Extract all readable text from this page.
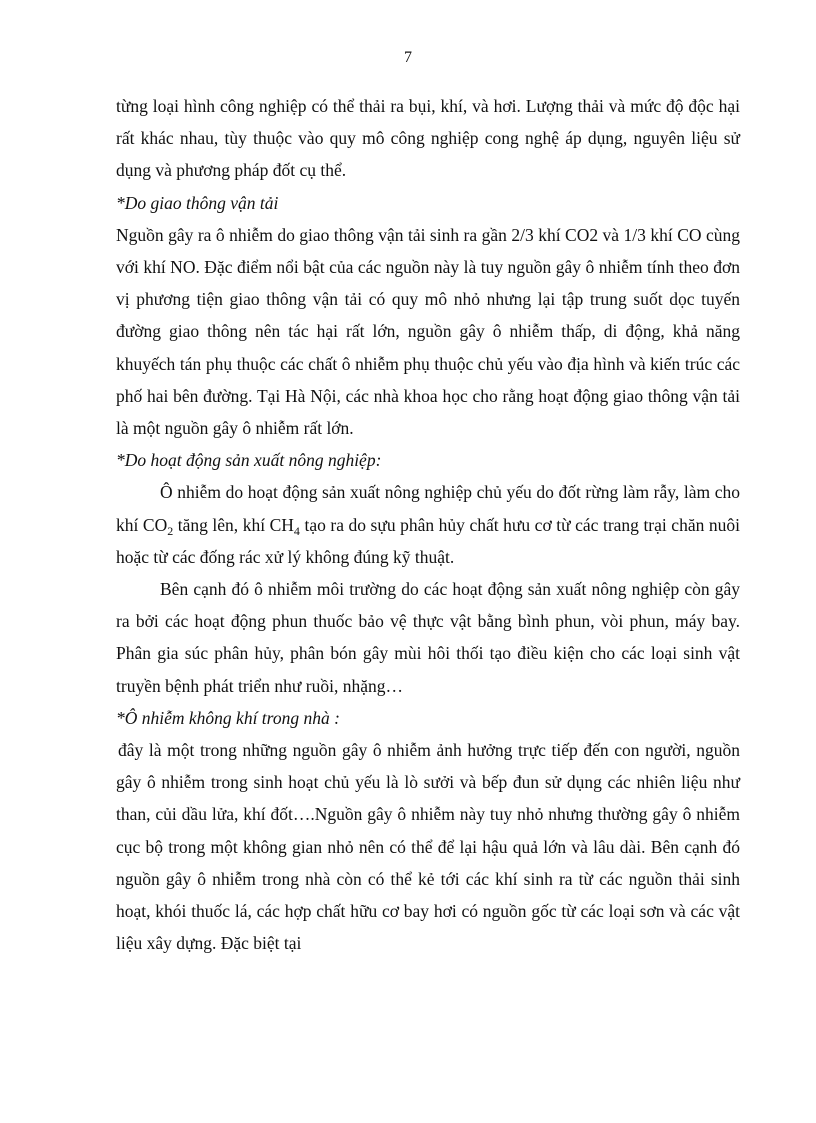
7

từng loại hình công nghiệp có thể thải ra bụi, khí, và hơi. Lượng thải và mức độ độc hại rất khác nhau, tùy thuộc vào quy mô công nghiệp cong nghệ áp dụng, nguyên liệu sử dụng và phương pháp đốt cụ thể.

*Do giao thông vận tải

Nguồn gây ra ô nhiễm do giao thông vận tải sinh ra gần 2/3 khí CO2 và 1/3 khí CO cùng với khí NO. Đặc điểm nổi bật của các nguồn này là tuy nguồn gây ô nhiễm tính theo đơn vị phương tiện giao thông vận tải có quy mô nhỏ nhưng lại tập trung suốt dọc tuyến đường giao thông nên tác hại rất lớn, nguồn gây ô nhiễm thấp, di động, khả năng khuyếch tán phụ thuộc các chất ô nhiễm phụ thuộc chủ yếu vào địa hình và kiến trúc các phố hai bên đường. Tại Hà Nội, các nhà khoa học cho rằng hoạt động giao thông vận tải là một nguồn gây ô nhiễm rất lớn.

*Do hoạt động sản xuất nông nghiệp:

Ô nhiễm do hoạt động sản xuất nông nghiệp chủ yếu do đốt rừng làm rẫy, làm cho khí $CO_2$ tăng lên, khí $CH_4$ tạo ra do sựu phân hủy chất hưu cơ từ các trang trại chăn nuôi hoặc từ các đống rác xử lý không đúng kỹ thuật.

Bên cạnh đó ô nhiễm môi trường do các hoạt động sản xuất nông nghiệp còn gây ra bởi các hoạt động phun thuốc bảo vệ thực vật bằng bình phun, vòi phun, máy bay. Phân gia súc phân hủy, phân bón gây mùi hôi thối tạo điều kiện cho các loại sinh vật truyền bệnh phát triển như ruồi, nhặng…

*Ô nhiễm không khí trong nhà :

đây là một trong những nguồn gây ô nhiễm ảnh hưởng trực tiếp đến con người, nguồn gây ô nhiễm trong sinh hoạt chủ yếu là lò sưởi và bếp đun sử dụng các nhiên liệu như than, củi dầu lửa, khí đốt….Nguồn gây ô nhiễm này tuy nhỏ nhưng thường gây ô nhiễm cục bộ trong một không gian nhỏ nên có thể để lại hậu quả lớn và lâu dài. Bên cạnh đó nguồn gây ô nhiễm trong nhà còn có thể kẻ tới các khí sinh ra từ các nguồn thải sinh hoạt, khói thuốc lá, các hợp chất hữu cơ bay hơi có nguồn gốc từ các loại sơn và các vật liệu xây dựng. Đặc biệt tại
